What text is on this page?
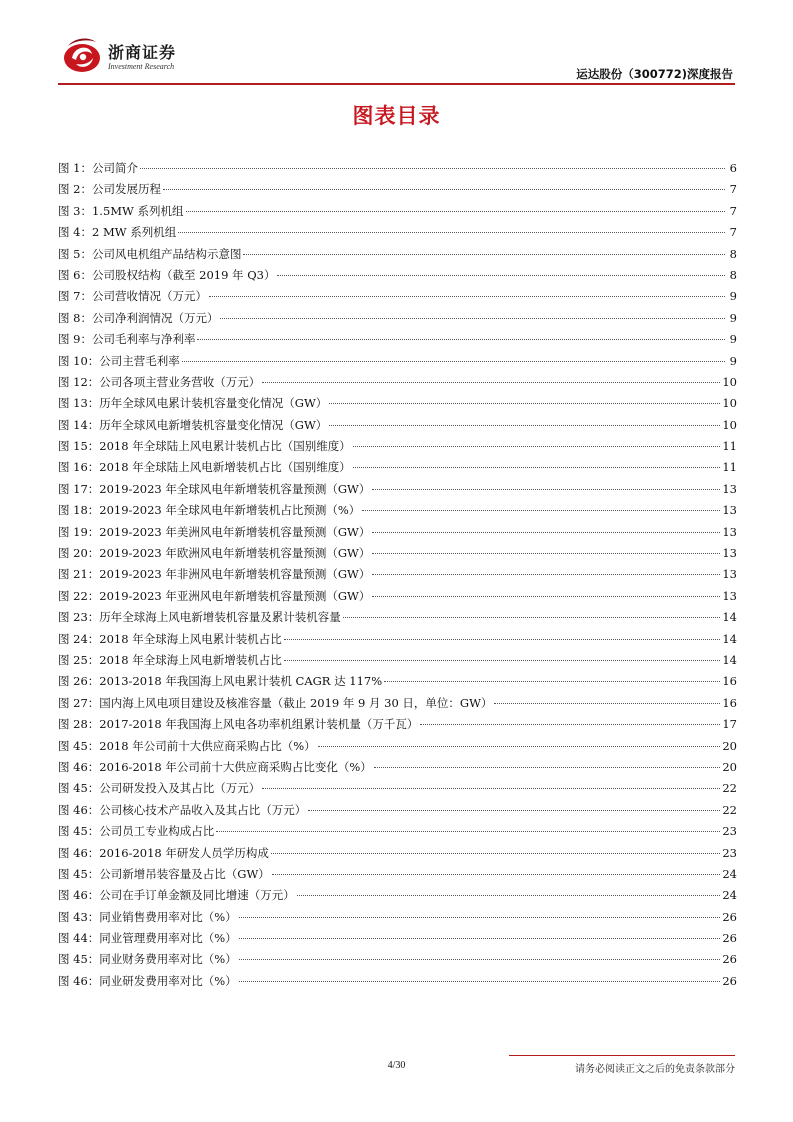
浙商证券
Investment Research
运达股份（300772)深度报告
图表目录
图 1：公司简介	6
图 2：公司发展历程	7
图 3：1.5MW 系列机组	7
图 4：2 MW 系列机组	7
图 5：公司风电机组产品结构示意图	8
图 6：公司股权结构（截至 2019 年 Q3）	8
图 7：公司营收情况（万元）	9
图 8：公司净利润情况（万元）	9
图 9：公司毛利率与净利率	9
图 10：公司主营毛利率	9
图 12：公司各项主营业务营收（万元）	10
图 13：历年全球风电累计装机容量变化情况（GW）	10
图 14：历年全球风电新增装机容量变化情况（GW）	10
图 15：2018 年全球陆上风电累计装机占比（国别维度）	11
图 16：2018 年全球陆上风电新增装机占比（国别维度）	11
图 17：2019-2023 年全球风电年新增装机容量预测（GW）	13
图 18：2019-2023 年全球风电年新增装机占比预测（%）	13
图 19：2019-2023 年美洲风电年新增装机容量预测（GW）	13
图 20：2019-2023 年欧洲风电年新增装机容量预测（GW）	13
图 21：2019-2023 年非洲风电年新增装机容量预测（GW）	13
图 22：2019-2023 年亚洲风电年新增装机容量预测（GW）	13
图 23：历年全球海上风电新增装机容量及累计装机容量	14
图 24：2018 年全球海上风电累计装机占比	14
图 25：2018 年全球海上风电新增装机占比	14
图 26：2013-2018 年我国海上风电累计装机 CAGR 达 117%	16
图 27：国内海上风电项目建设及核准容量（截止 2019 年 9 月 30 日，单位：GW）	16
图 28：2017-2018 年我国海上风电各功率机组累计装机量（万千瓦）	17
图 45：2018 年公司前十大供应商采购占比（%）	20
图 46：2016-2018 年公司前十大供应商采购占比变化（%）	20
图 45：公司研发投入及其占比（万元）	22
图 46：公司核心技术产品收入及其占比（万元）	22
图 45：公司员工专业构成占比	23
图 46：2016-2018 年研发人员学历构成	23
图 45：公司新增吊装容量及占比（GW）	24
图 46：公司在手订单金额及同比增速（万元）	24
图 43：同业销售费用率对比（%）	26
图 44：同业管理费用率对比（%）	26
图 45：同业财务费用率对比（%）	26
图 46：同业研发费用率对比（%）	26
4/30	请务必阅读正文之后的免责条款部分
